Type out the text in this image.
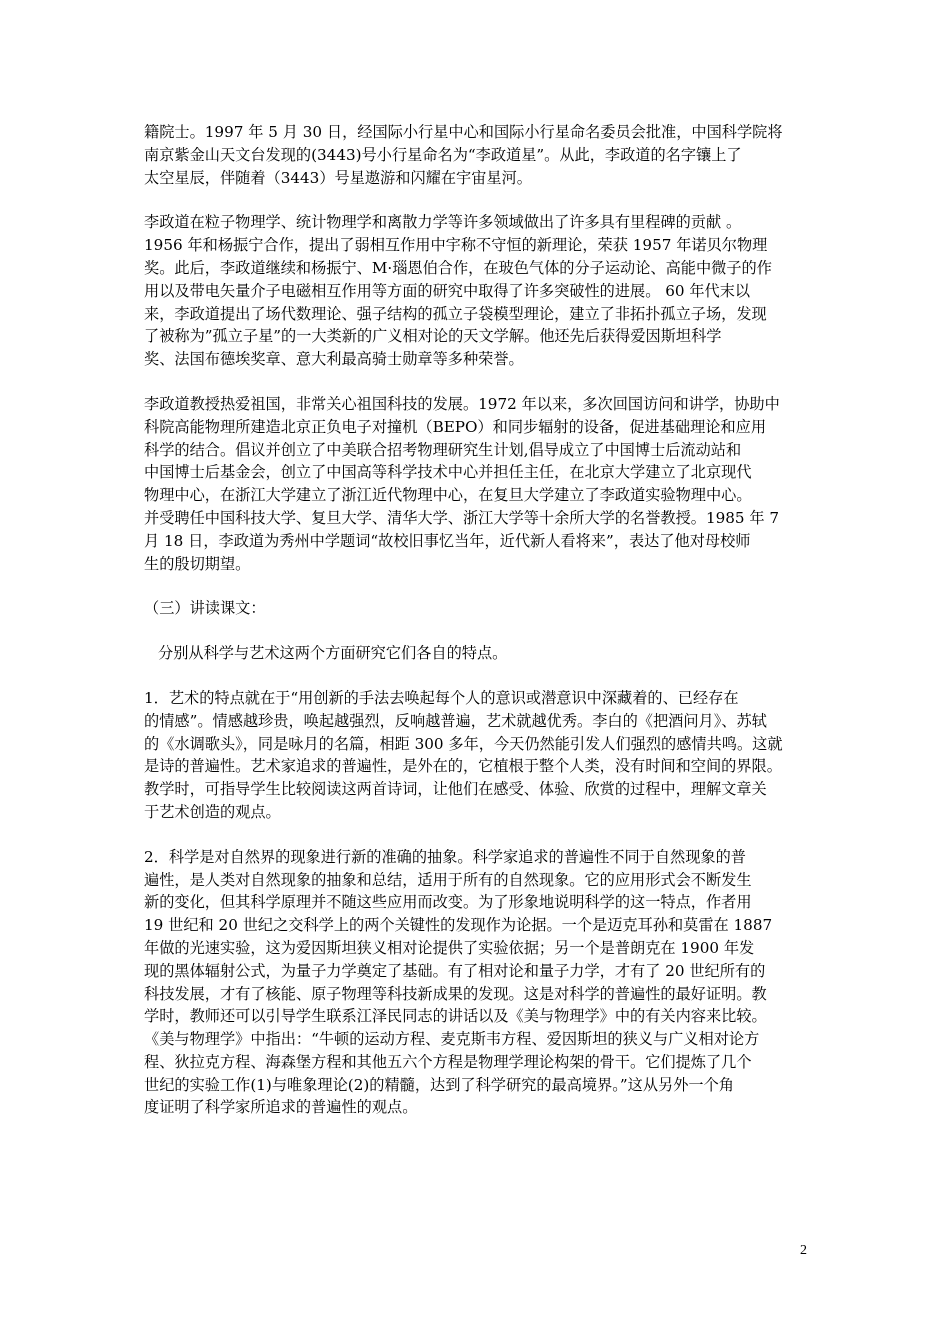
籍院士。1997 年 5 月 30 日，经国际小行星中心和国际小行星命名委员会批准，中国科学院将
南京紫金山天文台发现的(3443)号小行星命名为“李政道星”。从此，李政道的名字镶上了
太空星辰，伴随着（3443）号星遨游和闪耀在宇宙星河。
李政道在粒子物理学、统计物理学和离散力学等许多领域做出了许多具有里程碑的贡献 。
1956 年和杨振宁合作，提出了弱相互作用中宇称不守恒的新理论，荣获 1957 年诺贝尔物理
奖。此后，李政道继续和杨振宁、M·瑙恩伯合作，在玻色气体的分子运动论、高能中微子的作
用以及带电矢量介子电磁相互作用等方面的研究中取得了许多突破性的进展。 60 年代末以
来，李政道提出了场代数理论、强子结构的孤立子袋模型理论，建立了非拓扑孤立子场，发现
了被称为”孤立子星”的一大类新的广义相对论的天文学解。他还先后获得爱因斯坦科学
奖、法国布德埃奖章、意大利最高骑士勋章等多种荣誉。
李政道教授热爱祖国，非常关心祖国科技的发展。1972 年以来，多次回国访问和讲学，协助中
科院高能物理所建造北京正负电子对撞机（BEPO）和同步辐射的设备，促进基础理论和应用
科学的结合。倡议并创立了中美联合招考物理研究生计划,倡导成立了中国博士后流动站和
中国博士后基金会，创立了中国高等科学技术中心并担任主任，在北京大学建立了北京现代
物理中心，在浙江大学建立了浙江近代物理中心，在复旦大学建立了李政道实验物理中心。
并受聘任中国科技大学、复旦大学、清华大学、浙江大学等十余所大学的名誉教授。1985 年 7
月 18 日，李政道为秀州中学题词“故校旧事忆当年，近代新人看将来”，表达了他对母校师
生的殷切期望。
（三）讲读课文：
分别从科学与艺术这两个方面研究它们各自的特点。
1．艺术的特点就在于“用创新的手法去唤起每个人的意识或潜意识中深藏着的、已经存在
的情感”。情感越珍贵，唤起越强烈，反响越普遍，艺术就越优秀。李白的《把酒问月》、苏轼
的《水调歌头》，同是咏月的名篇，相距 300 多年，今天仍然能引发人们强烈的感情共鸣。这就
是诗的普遍性。艺术家追求的普遍性，是外在的，它植根于整个人类，没有时间和空间的界限。
教学时，可指导学生比较阅读这两首诗词，让他们在感受、体验、欣赏的过程中，理解文章关
于艺术创造的观点。
2．科学是对自然界的现象进行新的准确的抽象。科学家追求的普遍性不同于自然现象的普
遍性，是人类对自然现象的抽象和总结，适用于所有的自然现象。它的应用形式会不断发生
新的变化，但其科学原理并不随这些应用而改变。为了形象地说明科学的这一特点，作者用
19 世纪和 20 世纪之交科学上的两个关键性的发现作为论据。一个是迈克耳孙和莫雷在 1887
年做的光速实验，这为爱因斯坦狭义相对论提供了实验依据；另一个是普朗克在 1900 年发
现的黑体辐射公式，为量子力学奠定了基础。有了相对论和量子力学，才有了 20 世纪所有的
科技发展，才有了核能、原子物理等科技新成果的发现。这是对科学的普遍性的最好证明。教
学时，教师还可以引导学生联系江泽民同志的讲话以及《美与物理学》中的有关内容来比较。
《美与物理学》中指出：“牛顿的运动方程、麦克斯韦方程、爱因斯坦的狭义与广义相对论方
程、狄拉克方程、海森堡方程和其他五六个方程是物理学理论构架的骨干。它们提炼了几个
世纪的实验工作(1)与唯象理论(2)的精髓，达到了科学研究的最高境界。”这从另外一个角
度证明了科学家所追求的普遍性的观点。
2
